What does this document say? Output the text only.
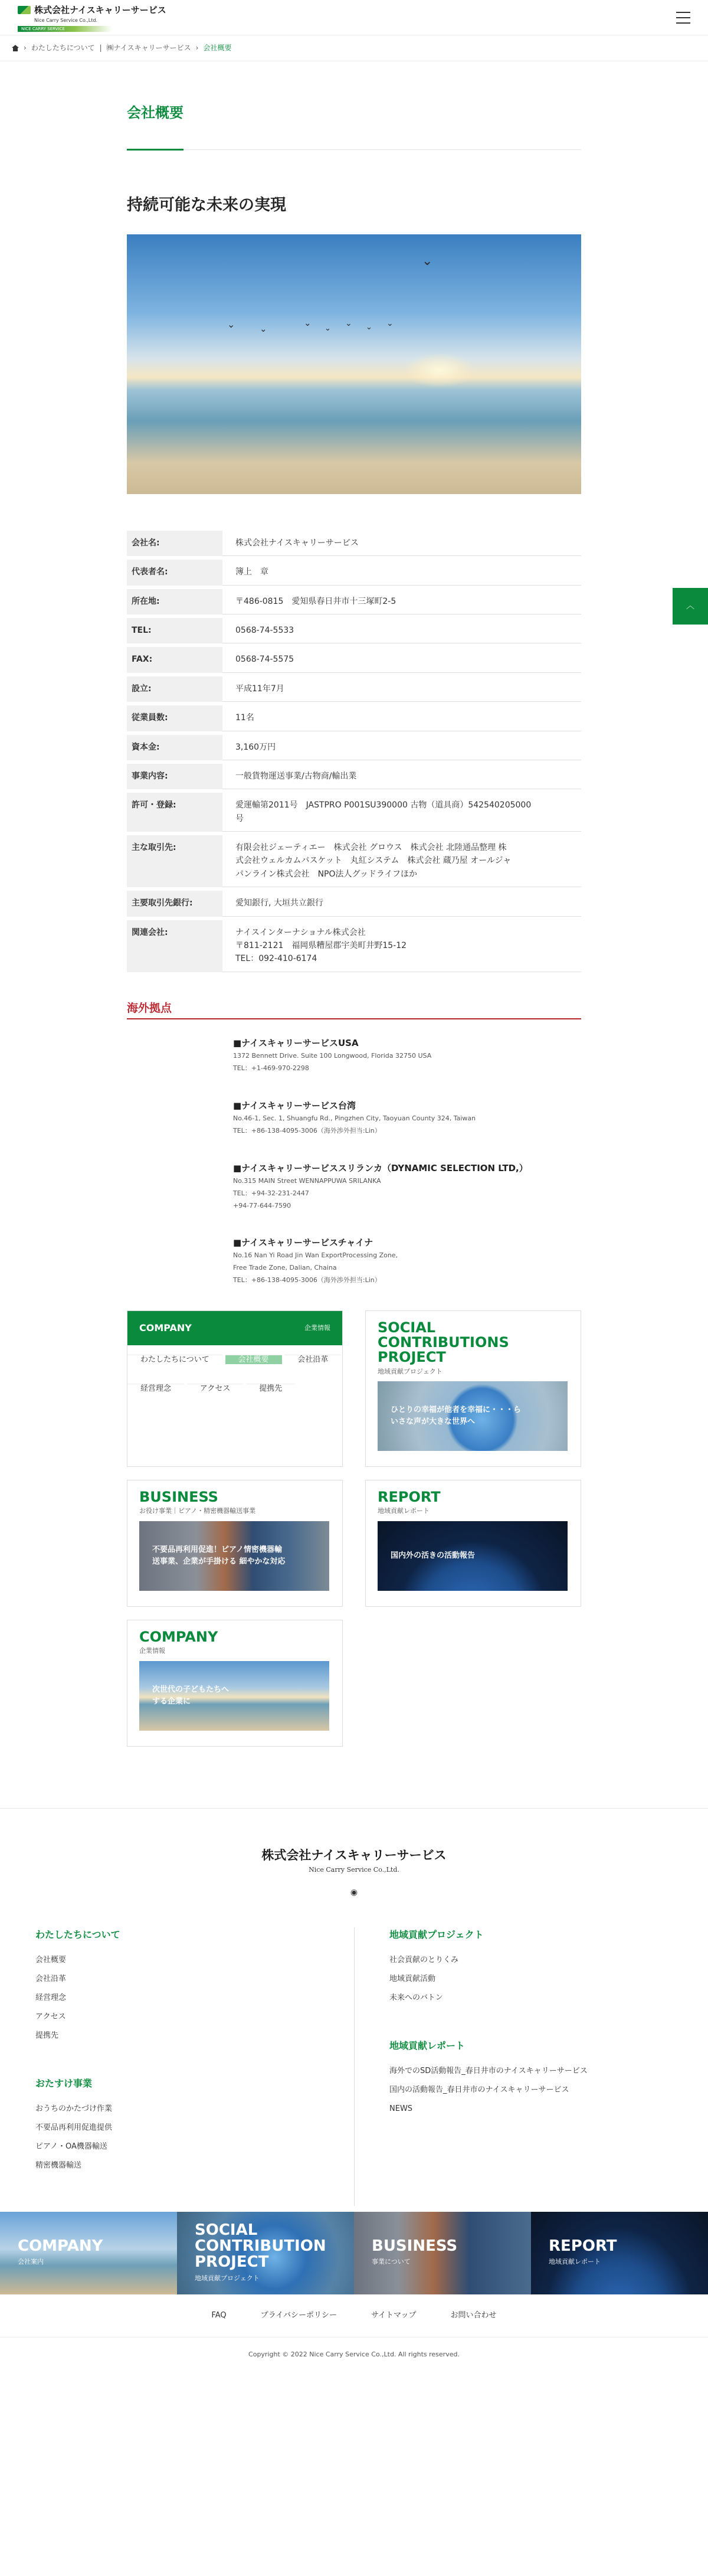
株式会社ナイスキャリーサービス
Nice Carry Service Co.,Ltd.
NICE CARRY SERVICE
› わたしたちについて | ㈱ナイスキャリーサービス › 会社概要
︿
会社概要
持続可能な未来の実現
⌄
⌄	⌄
⌄
⌄
⌄ ⌄ ⌄
会社名:	株式会社ナイスキャリーサービス

代表者名:	簿上　章

所在地:	〒486-0815　愛知県春日井市十三塚町2-5

TEL:	0568-74-5533

FAX:	0568-74-5575

設立:	平成11年7月

従業員数:	11名

資本金:	3,160万円

事業内容:	一般貨物運送事業/古物商/輸出業

許可・登録:	愛運輸第2011号　JASTPRO P001SU390000 古物（道具商）542540205000
号

主な取引先:	有限会社ジェーティエー　株式会社 グロウス　株式会社 北陸通品整理 株
式会社ウェルカムバスケット　丸紅システム　株式会社 蔵乃屋 オールジャ
パンライン株式会社　NPO法人グッドライフほか

主要取引先銀行:	愛知銀行, 大垣共立銀行

関連会社:	ナイスインターナショナル株式会社
〒811-2121　福岡県糟屋郡宇美町井野15-12
TEL：092-410-6174
海外拠点
■ナイスキャリーサービスUSA
1372 Bennett Drive. Suite 100 Longwood, Florida 32750 USA
TEL：+1-469-970-2298
■ナイスキャリーサービス台湾
No.46-1, Sec. 1, Shuangfu Rd., Pingzhen City, Taoyuan County 324, Taiwan
TEL：+86-138-4095-3006（海外渉外担当:Lin）
■ナイスキャリーサービススリランカ（DYNAMIC SELECTION LTD,）
No.315 MAIN Street WENNAPPUWA SRILANKA
TEL：+94-32-231-2447
+94-77-644-7590
■ナイスキャリーサービスチャイナ
No.16 Nan Yi Road Jin Wan ExportProcessing Zone,
Free Trade Zone, Dalian, Chaina
TEL：+86-138-4095-3006（海外渉外担当:Lin）
COMPANY	企業情報
わたしたちについて	会社概要	会社沿革 経営理念	アクセス	提携先
SOCIAL CONTRIBUTIONS PROJECT
地域貢献プロジェクト
ひとりの幸福が他者を幸福に・・・ら
いさな声が大きな世界へ
BUSINESS
お役け事業｜ピアノ・精密機器輸送事業
不要品再利用促進！ピアノ情密機器輸
送事業、企業が手掛ける 細やかな対応
REPORT
地域貢献レポート
国内外の活きの活動報告
COMPANY
企業情報
次世代の子どもたちへ
する企業に
株式会社ナイスキャリーサービス
Nice Carry Service Co.,Ltd.
◉
わたしたちについて
会社概要
会社沿革
経営理念
アクセス
提携先
おたすけ事業
おうちのかたづけ作業
不要品再利用促進提供
ピアノ・OA機器輸送
精密機器輸送
地域貢献プロジェクト
社会貢献のとりくみ
地域貢献活動
未来へのバトン
地域貢献レポート
海外でのSD活動報告_春日井市のナイスキャリーサービス
国内の活動報告_春日井市のナイスキャリーサービス
NEWS
COMPANY
会社案内
SOCIAL CONTRIBUTION PROJECT
地域貢献プロジェクト
BUSINESS
事業について
REPORT
地域貢献レポート
FAQ	プライバシーポリシー	サイトマップ	お問い合わせ
Copyright © 2022 Nice Carry Service Co.,Ltd. All rights reserved.
